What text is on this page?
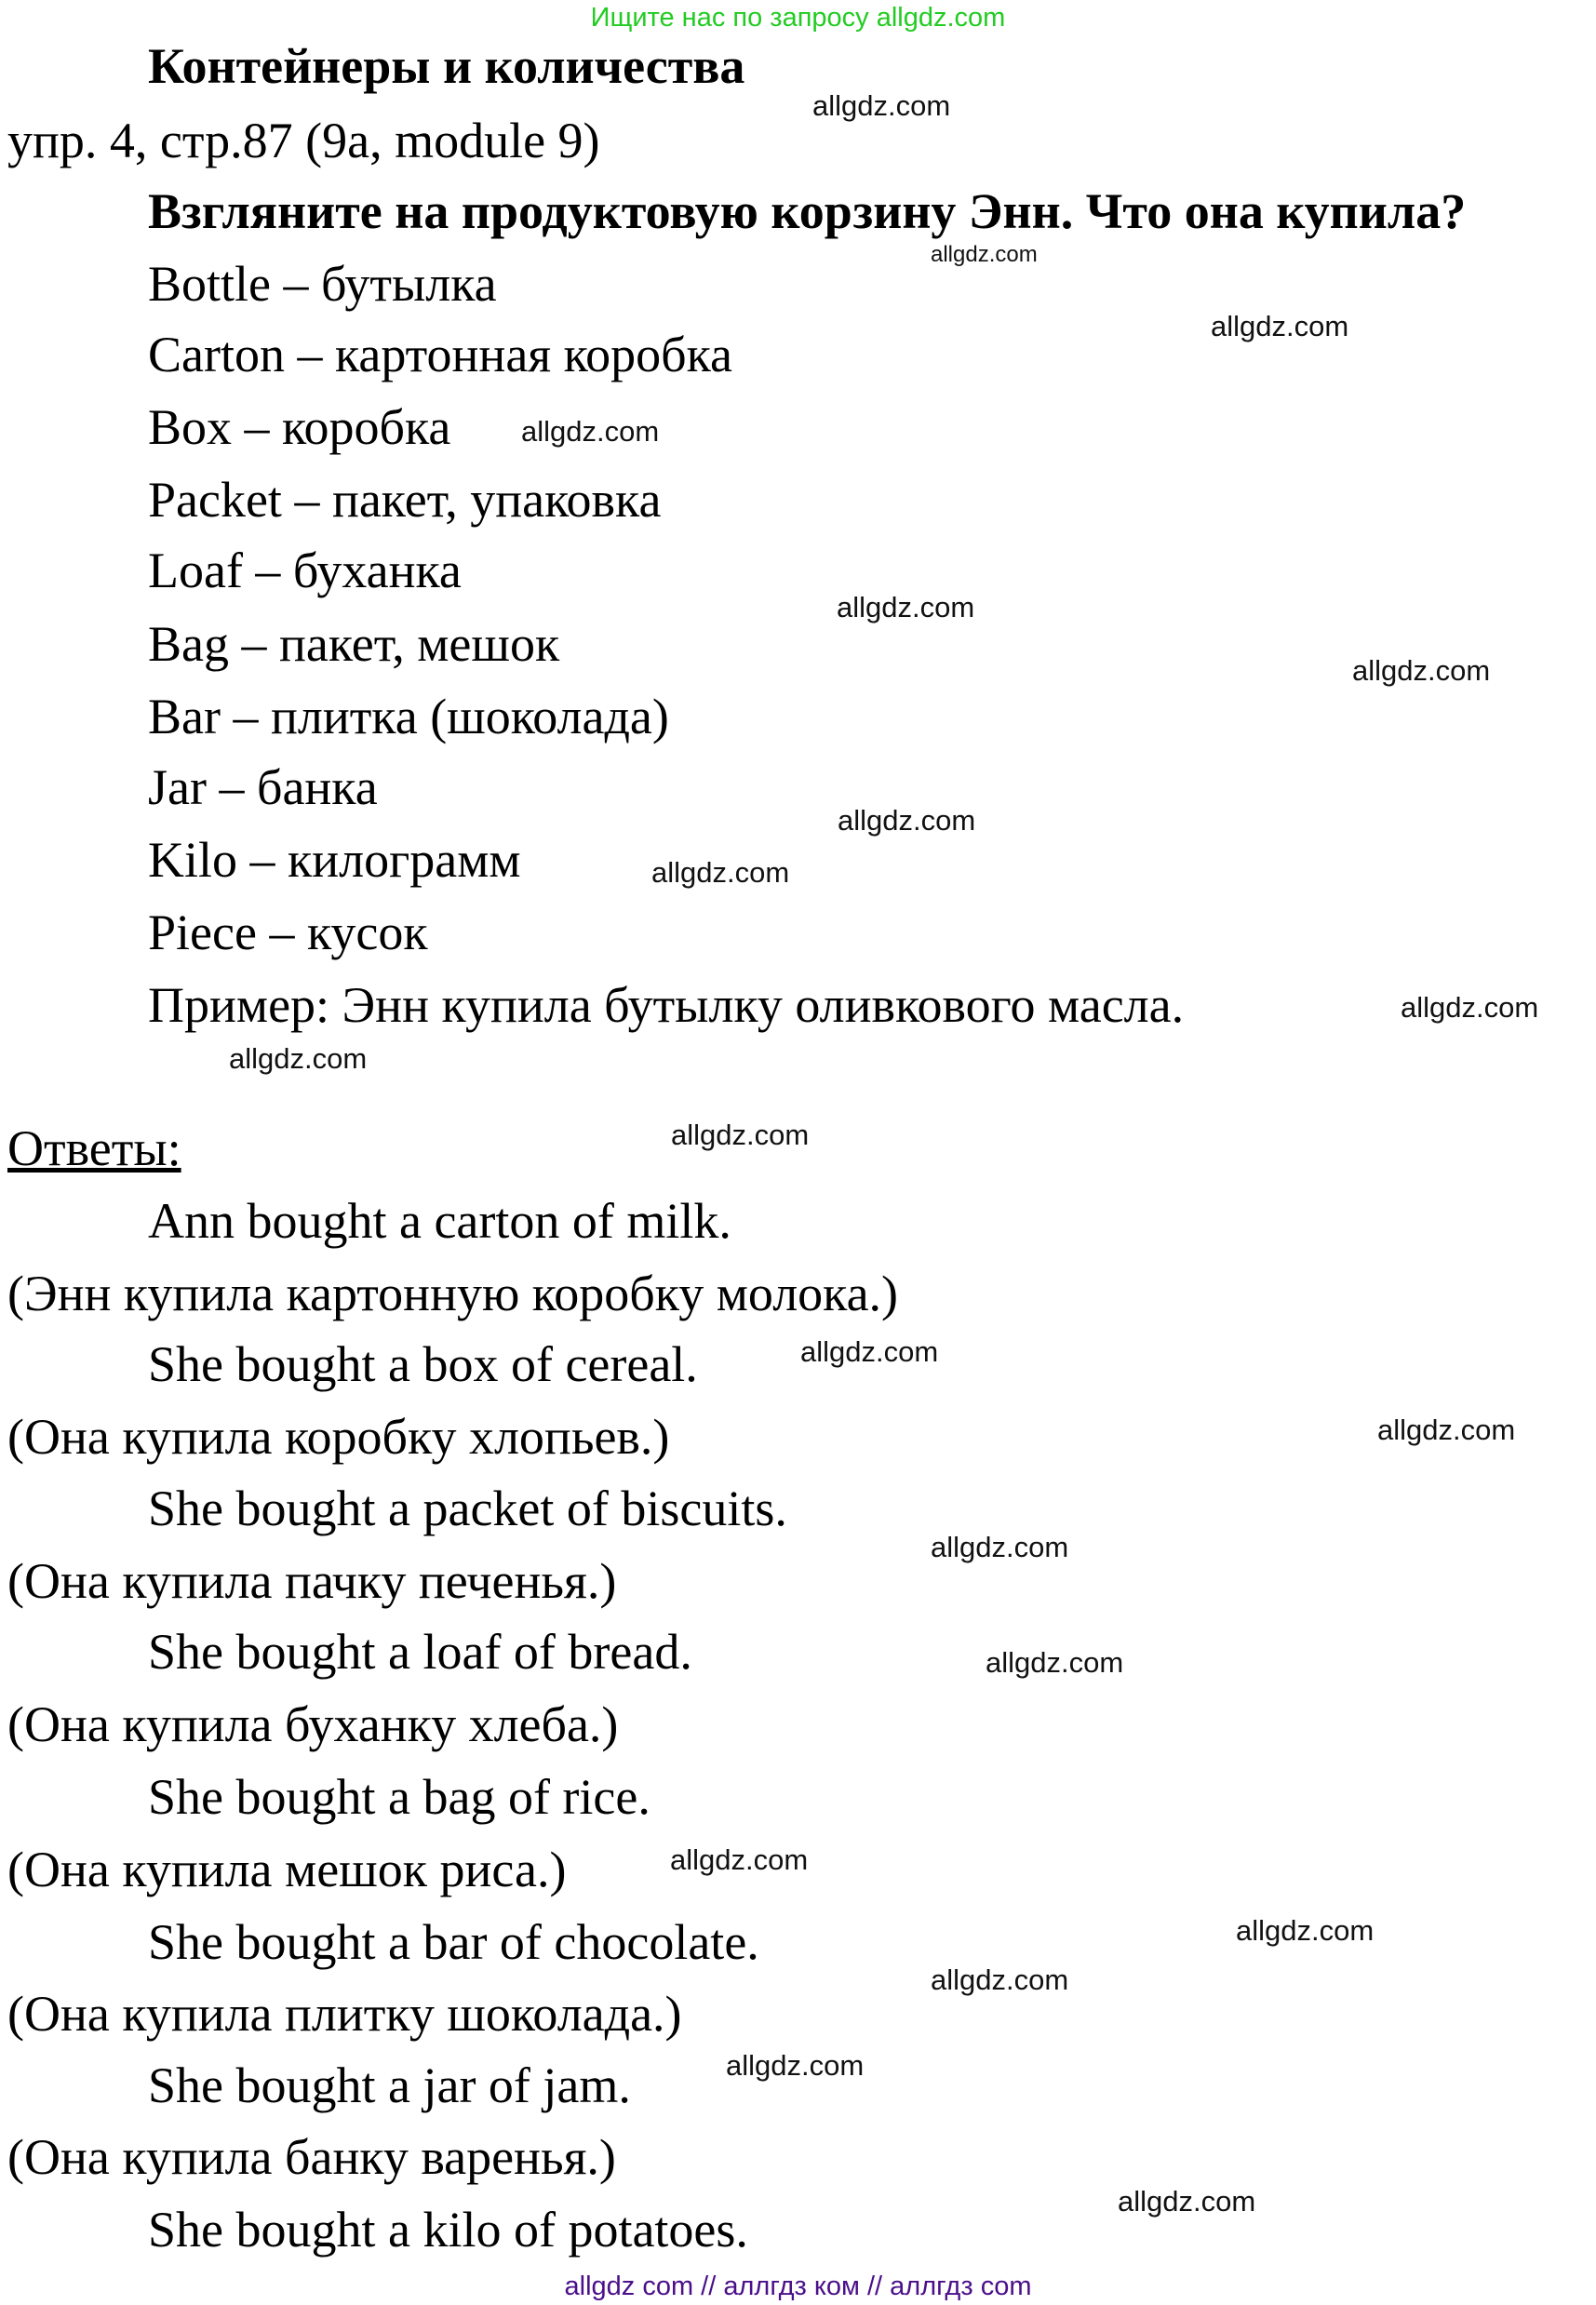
Ищите нас по запросу allgdz.com
Контейнеры и количества
упр. 4, стр.87 (9a, module 9)
Взгляните на продуктовую корзину Энн. Что она купила?
Bottle – бутылка
Carton – картонная коробка
Box – коробка
Packet – пакет, упаковка
Loaf – буханка
Bag – пакет, мешок
Bar – плитка (шоколада)
Jar – банка
Kilo – килограмм
Piece – кусок
Пример: Энн купила бутылку оливкового масла.
Ответы:
Ann bought a carton of milk.
(Энн купила картонную коробку молока.)
She bought a box of cereal.
(Она купила коробку хлопьев.)
She bought a packet of biscuits.
(Она купила пачку печенья.)
She bought a loaf of bread.
(Она купила буханку хлеба.)
She bought a bag of rice.
(Она купила мешок риса.)
She bought a bar of chocolate.
(Она купила плитку шоколада.)
She bought a jar of jam.
(Она купила банку варенья.)
She bought a kilo of potatoes.
allgdz.com
allgdz.com
allgdz.com
allgdz.com
allgdz.com
allgdz.com
allgdz.com
allgdz.com
allgdz.com
allgdz.com
allgdz.com
allgdz.com
allgdz.com
allgdz.com
allgdz.com
allgdz.com
allgdz.com
allgdz.com
allgdz.com
allgdz.com
allgdz com // аллгдз ком // аллгдз com
